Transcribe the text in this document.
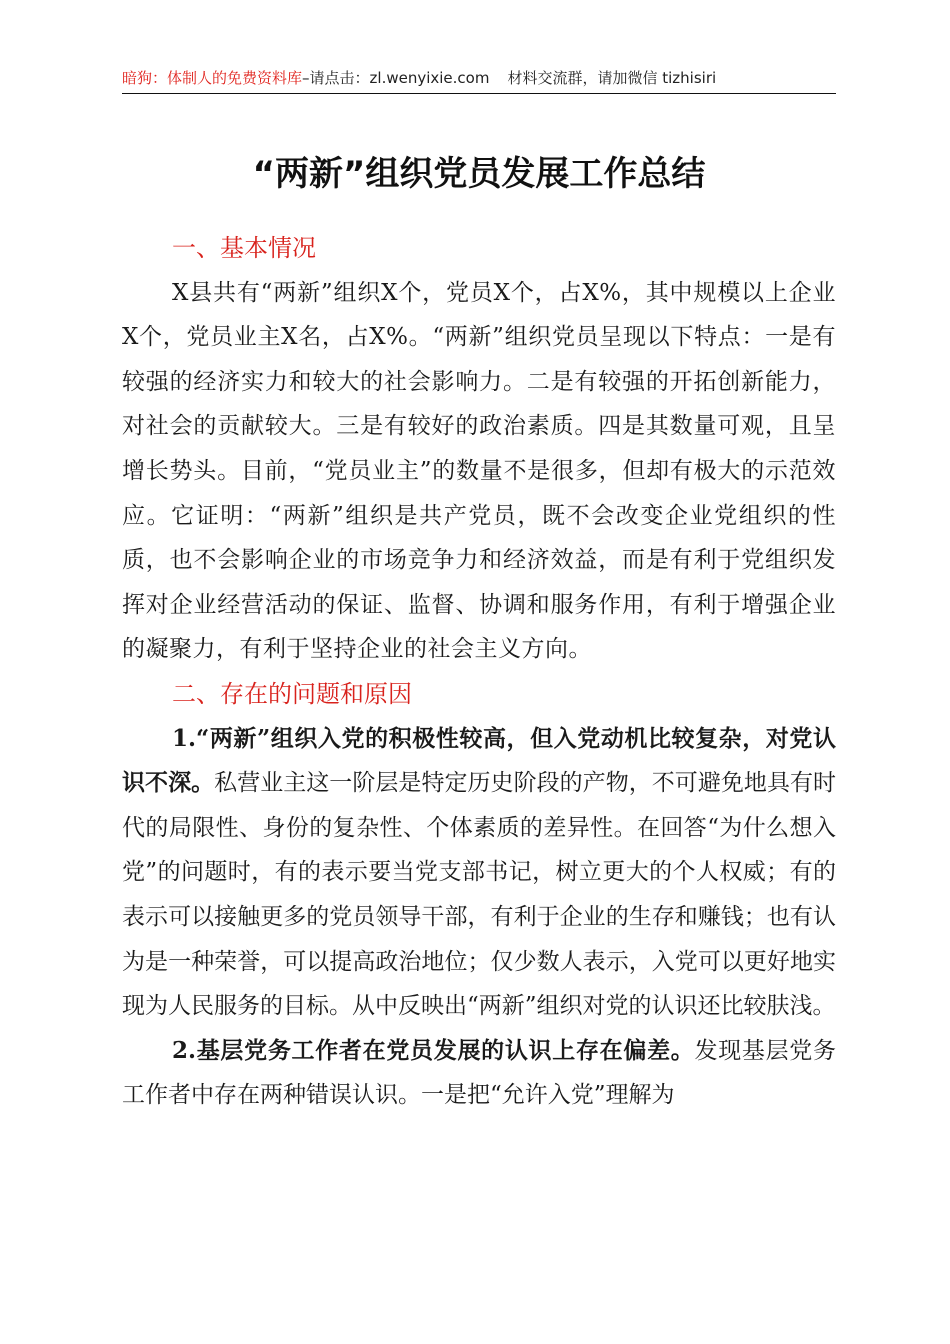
暗狗：体制人的免费资料库–请点击：zl.wenyixie.com 材料交流群，请加微信 tizhisiri
“两新”组织党员发展工作总结
一、基本情况

X县共有“两新”组织X个，党员X个，占X%，其中规模以上企业X个，党员业主X名，占X%。“两新”组织党员呈现以下特点：一是有较强的经济实力和较大的社会影响力。二是有较强的开拓创新能力，对社会的贡献较大。三是有较好的政治素质。四是其数量可观，且呈增长势头。目前，“党员业主”的数量不是很多，但却有极大的示范效应。它证明：“两新”组织是共产党员，既不会改变企业党组织的性质，也不会影响企业的市场竞争力和经济效益，而是有利于党组织发挥对企业经营活动的保证、监督、协调和服务作用，有利于增强企业的凝聚力，有利于坚持企业的社会主义方向。

二、存在的问题和原因

1.“两新”组织入党的积极性较高，但入党动机比较复杂，对党认识不深。私营业主这一阶层是特定历史阶段的产物，不可避免地具有时代的局限性、身份的复杂性、个体素质的差异性。在回答“为什么想入党”的问题时，有的表示要当党支部书记，树立更大的个人权威；有的表示可以接触更多的党员领导干部，有利于企业的生存和赚钱；也有认为是一种荣誉，可以提高政治地位；仅少数人表示，入党可以更好地实现为人民服务的目标。从中反映出“两新”组织对党的认识还比较肤浅。

2.基层党务工作者在党员发展的认识上存在偏差。发现基层党务工作者中存在两种错误认识。一是把“允许入党”理解为
